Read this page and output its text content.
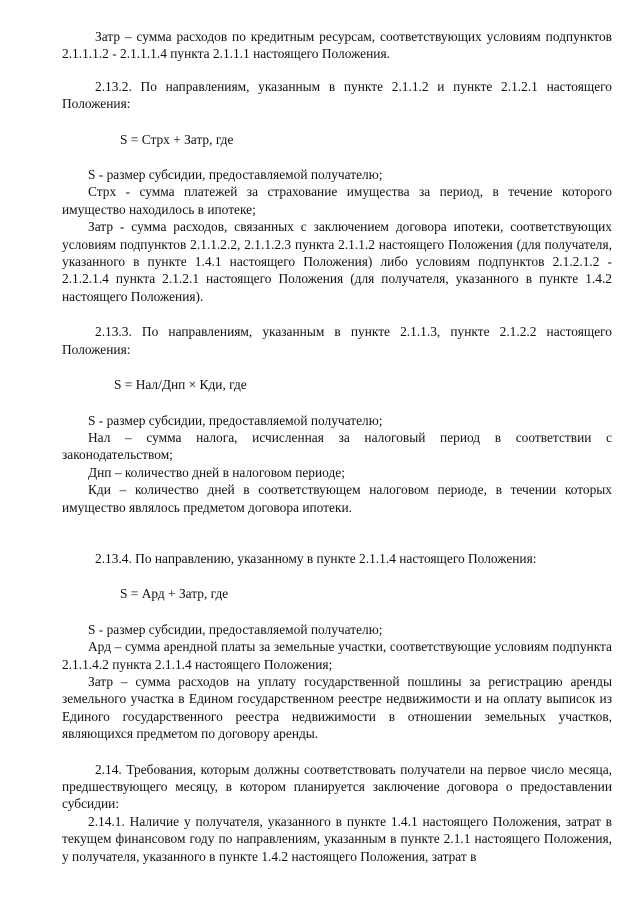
Затр – сумма расходов по кредитным ресурсам, соответствующих условиям подпунктов 2.1.1.1.2 - 2.1.1.1.4 пункта 2.1.1.1 настоящего Положения.

2.13.2. По направлениям, указанным в пункте 2.1.1.2 и пункте 2.1.2.1 настоящего Положения:

S = Стрх + Затр, где

S - размер субсидии, предоставляемой получателю;

Стрх - сумма платежей за страхование имущества за период, в течение которого имущество находилось в ипотеке;

Затр - сумма расходов, связанных с заключением договора ипотеки, соответствующих условиям подпунктов 2.1.1.2.2, 2.1.1.2.3 пункта 2.1.1.2 настоящего Положения (для получателя, указанного в пункте 1.4.1 настоящего Положения) либо условиям подпунктов 2.1.2.1.2 - 2.1.2.1.4 пункта 2.1.2.1 настоящего Положения (для получателя, указанного в пункте 1.4.2 настоящего Положения).

2.13.3. По направлениям, указанным в пункте 2.1.1.3, пункте 2.1.2.2 настоящего Положения:

S = Нал/Днп × Кди, где

S - размер субсидии, предоставляемой получателю;

Нал – сумма налога, исчисленная за налоговый период в соответствии с законодательством;

Днп – количество дней в налоговом периоде;

Кди – количество дней в соответствующем налоговом периоде, в течении которых имущество являлось предметом договора ипотеки.

2.13.4. По направлению, указанному в пункте 2.1.1.4 настоящего Положения:

S = Ард + Затр, где

S - размер субсидии, предоставляемой получателю;

Ард – сумма арендной платы за земельные участки, соответствующие условиям подпункта 2.1.1.4.2 пункта 2.1.1.4 настоящего Положения;

Затр – сумма расходов на уплату государственной пошлины за регистрацию аренды земельного участка в Едином государственном реестре недвижимости и на оплату выписок из Единого государственного реестра недвижимости в отношении земельных участков, являющихся предметом по договору аренды.

2.14. Требования, которым должны соответствовать получатели на первое число месяца, предшествующего месяцу, в котором планируется заключение договора о предоставлении субсидии:

2.14.1. Наличие у получателя, указанного в пункте 1.4.1 настоящего Положения, затрат в текущем финансовом году по направлениям, указанным в пункте 2.1.1 настоящего Положения, у получателя, указанного в пункте 1.4.2 настоящего Положения, затрат в
